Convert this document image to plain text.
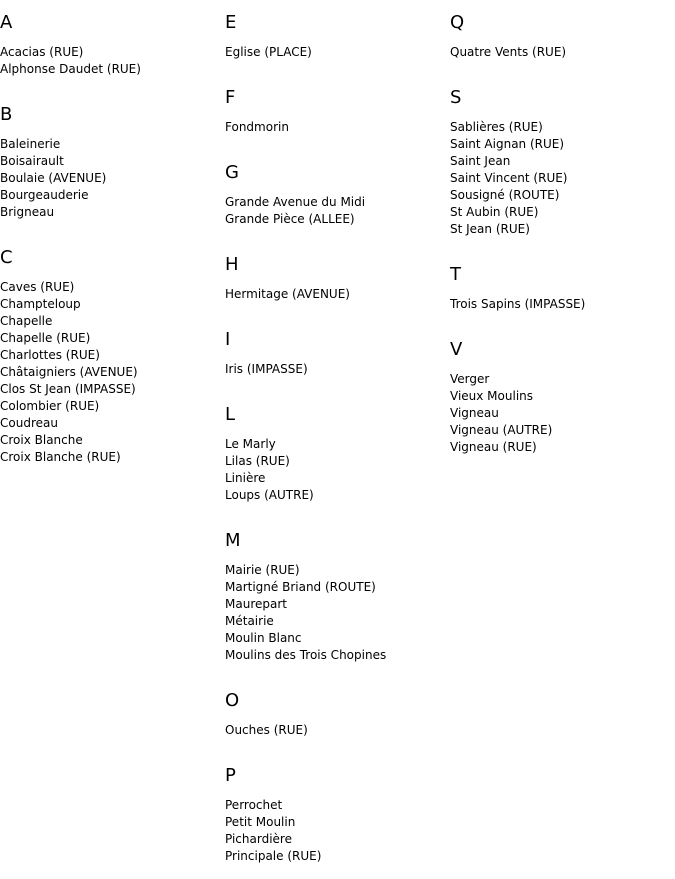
A
Acacias (RUE)
Alphonse Daudet (RUE)
B
Baleinerie
Boisairault
Boulaie (AVENUE)
Bourgeauderie
Brigneau
C
Caves (RUE)
Champteloup
Chapelle
Chapelle (RUE)
Charlottes (RUE)
Châtaigniers (AVENUE)
Clos St Jean (IMPASSE)
Colombier (RUE)
Coudreau
Croix Blanche
Croix Blanche (RUE)
E
Eglise (PLACE)
F
Fondmorin
G
Grande Avenue du Midi
Grande Pièce (ALLEE)
H
Hermitage (AVENUE)
I
Iris (IMPASSE)
L
Le Marly
Lilas (RUE)
Linière
Loups (AUTRE)
M
Mairie (RUE)
Martigné Briand (ROUTE)
Maurepart
Métairie
Moulin Blanc
Moulins des Trois Chopines
O
Ouches (RUE)
P
Perrochet
Petit Moulin
Pichardière
Principale (RUE)
Q
Quatre Vents (RUE)
S
Sablières (RUE)
Saint Aignan (RUE)
Saint Jean
Saint Vincent (RUE)
Sousigné (ROUTE)
St Aubin (RUE)
St Jean (RUE)
T
Trois Sapins (IMPASSE)
V
Verger
Vieux Moulins
Vigneau
Vigneau (AUTRE)
Vigneau (RUE)
